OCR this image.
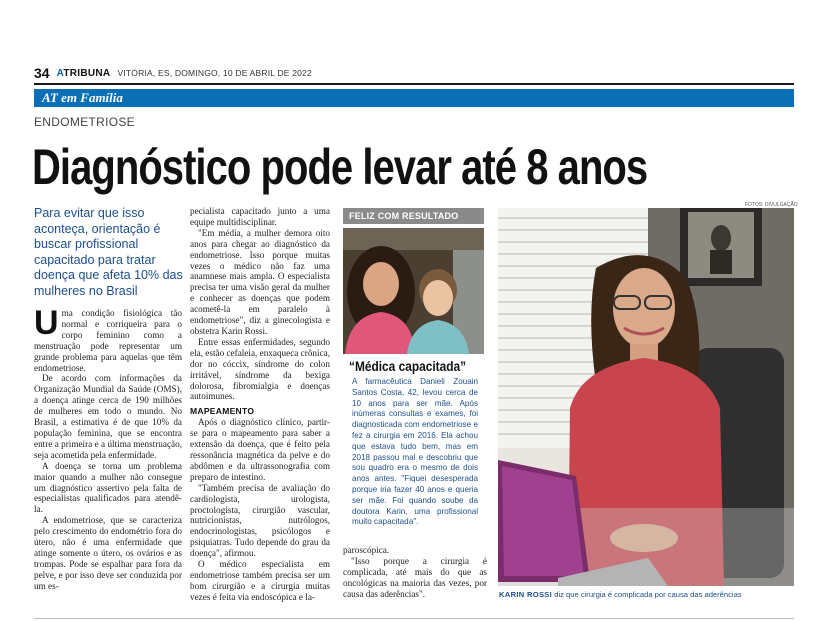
34 ATRIBUNA VITÓRIA, ES, DOMINGO, 10 DE ABRIL DE 2022
AT em Família
ENDOMETRIOSE
Diagnóstico pode levar até 8 anos
FOTOS: DIVULGAÇÃO
Para evitar que isso aconteça, orientação é buscar profissional capacitado para tratar doença que afeta 10% das mulheres no Brasil

Uma condição fisiológica tão normal e corriqueira para o corpo feminino como a menstruação pode representar um grande problema para aquelas que têm endometriose.

De acordo com informações da Organização Mundial da Saúde (OMS), a doença atinge cerca de 190 milhões de mulheres em todo o mundo. No Brasil, a estimativa é de que 10% da população feminina, que se encontra entre a primeira e a última menstruação, seja acometida pela enfermidade.

A doença se torna um problema maior quando a mulher não consegue um diagnóstico assertivo pela falta de especialistas qualificados para atendê-la.

A endometriose, que se caracteriza pelo crescimento do endométrio fora do útero, não é uma enfermidade que atinge somente o útero, os ovários e as trompas. Pode se espalhar para fora da pelve, e por isso deve ser conduzida por um es-

pecialista capacitado junto a uma equipe multidisciplinar.

"Em média, a mulher demora oito anos para chegar ao diagnóstico da endometriose. Isso porque muitas vezes o médico não faz uma anamnese mais ampla. O especialista precisa ter uma visão geral da mulher e conhecer as doenças que podem acometê-la em paralelo à endometriose", diz a ginecologista e obstetra Karin Rossi.

Entre essas enfermidades, segundo ela, estão cefaleia, enxaqueca crônica, dor no cóccix, síndrome do colon irritável, síndrome da bexiga dolorosa, fibromialgia e doenças autoimunes.

MAPEAMENTO

Após o diagnóstico clínico, partir-se para o mapeamento para saber a extensão da doença, que é feito pela ressonância magnética da pelve e do abdômen e da ultrassonografia com preparo de intestino.

"Também precisa de avaliação do cardiologista, urologista, proctologista, cirurgião vascular, nutricionistas, nutrólogos, endocrinologistas, psicólogos e psiquiatras. Tudo depende do grau da doença", afirmou.

O médico especialista em endometriose também precisa ser um bom cirurgião e a cirurgia muitas vezes é feita via endoscópica e la-

FELIZ COM RESULTADO
“Médica capacitada”

A farmacêutica Danieli Zouain Santos Costa, 42, levou cerca de 10 anos para ser mãe. Após inúmeras consultas e exames, foi diagnosticada com endometriose e fez a cirurgia em 2016. Ela achou que estava tudo bem, mas em 2018 passou mal e descobriu que sou quadro era o mesmo de dois anos antes. "Fiquei desesperada porque iria fazer 40 anos e queria ser mãe. Foi quando soube da doutora Karin, uma profissional muito capacitada".

paroscópica.

"Isso porque a cirurgia é complicada, até mais do que as oncológicas na maioria das vezes, por causa das aderências".	KARIN ROSSI diz que cirurgia é complicada por causa das aderências
